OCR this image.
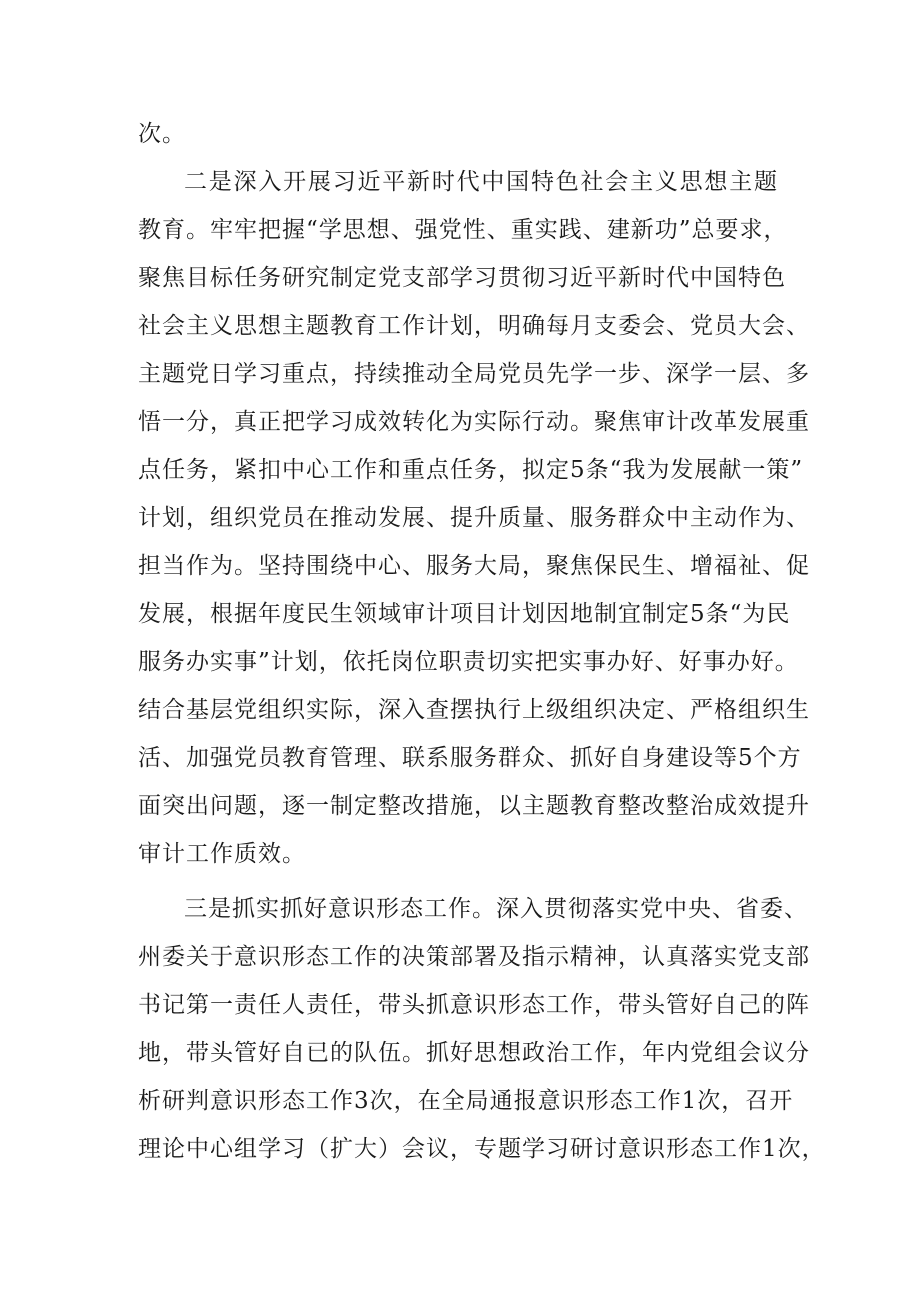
次。
二是深入开展习近平新时代中国特色社会主义思想主题
教育。牢牢把握“学思想、强党性、重实践、建新功”总要求，
聚焦目标任务研究制定党支部学习贯彻习近平新时代中国特色
社会主义思想主题教育工作计划，明确每月支委会、党员大会、
主题党日学习重点，持续推动全局党员先学一步、深学一层、多
悟一分，真正把学习成效转化为实际行动。聚焦审计改革发展重
点任务，紧扣中心工作和重点任务，拟定5条“我为发展献一策”
计划，组织党员在推动发展、提升质量、服务群众中主动作为、
担当作为。坚持围绕中心、服务大局，聚焦保民生、增福祉、促
发展，根据年度民生领域审计项目计划因地制宜制定5条“为民
服务办实事”计划，依托岗位职责切实把实事办好、好事办好。
结合基层党组织实际，深入查摆执行上级组织决定、严格组织生
活、加强党员教育管理、联系服务群众、抓好自身建设等5个方
面突出问题，逐一制定整改措施，以主题教育整改整治成效提升
审计工作质效。
三是抓实抓好意识形态工作。深入贯彻落实党中央、省委、
州委关于意识形态工作的决策部署及指示精神，认真落实党支部
书记第一责任人责任，带头抓意识形态工作，带头管好自己的阵
地，带头管好自已的队伍。抓好思想政治工作，年内党组会议分
析研判意识形态工作3次，在全局通报意识形态工作1次，召开
理论中心组学习（扩大）会议，专题学习研讨意识形态工作1次，
